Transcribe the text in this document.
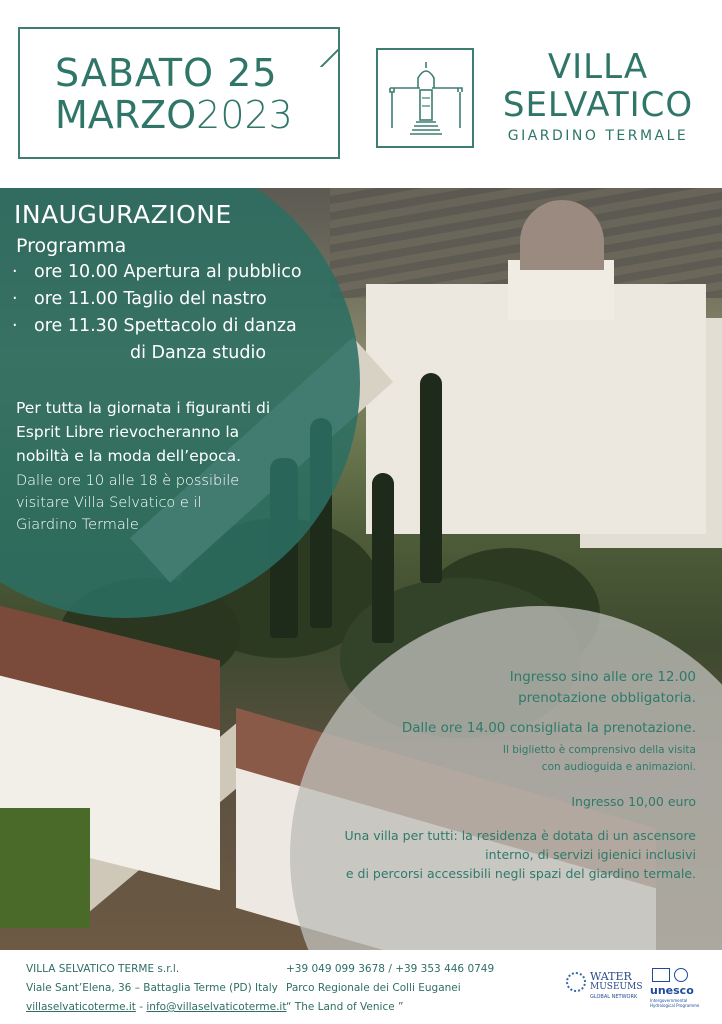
SABATO 25
MARZO2023
VILLA
SELVATICO
GIARDINO TERMALE
INAUGURAZIONE
Programma
· ore 10.00 Apertura al pubblico
· ore 11.00 Taglio del nastro
· ore 11.30 Spettacolo di danza
di Danza studio
Per tutta la giornata i figuranti di
Esprit Libre rievocheranno la
nobiltà e la moda dell’epoca.
Dalle ore 10 alle 18 è possibile
visitare Villa Selvatico e il
Giardino Termale
Ingresso sino alle ore 12.00
prenotazione obbligatoria.
Dalle ore 14.00 consigliata la prenotazione.
Il biglietto è comprensivo della visita
con audioguida e animazioni.
Ingresso 10,00 euro
Una villa per tutti: la residenza è dotata di un ascensore
interno, di servizi igienici inclusivi
e di percorsi accessibili negli spazi del giardino termale.
VILLA SELVATICO TERME s.r.l.
Viale Sant’Elena, 36 – Battaglia Terme (PD) Italy
villaselvaticoterme.it - info@villaselvaticoterme.it
+39 049 099 3678 / +39 353 446 0749
Parco Regionale dei Colli Euganei
“ The Land of Venice ”
WATER
MUSEUMS
GLOBAL NETWORK unesco
Intergovernmental Hydrological Programme
